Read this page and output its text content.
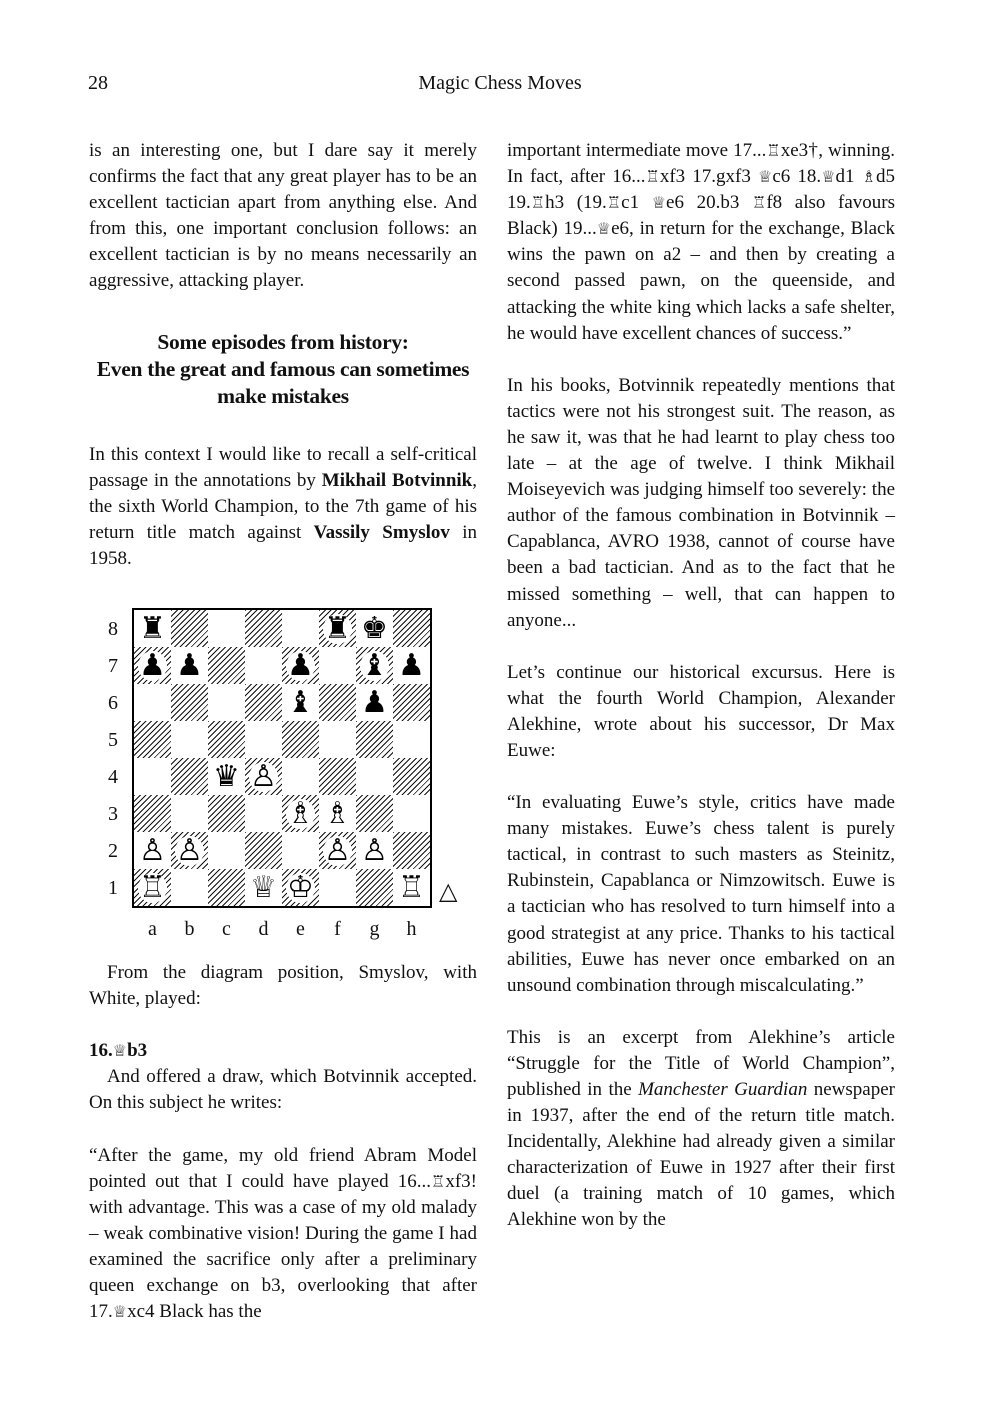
28	Magic Chess Moves

is an interesting one, but I dare say it merely confirms the fact that any great player has to be an excellent tactician apart from anything else. And from this, one important conclusion follows: an excellent tactician is by no means necessarily an aggressive, attacking player.

Some episodes from history:
Even the great and famous can sometimes
make mistakes

In this context I would like to recall a self-critical passage in the annotations by Mikhail Botvinnik, the sixth World Champion, to the 7th game of his return title match against Vassily Smyslov in 1958.

♜	♜ ♚
♟ ♟	♟ ♝ ♟
♝ ♟
♛ ♙
♗ ♗
♙ ♙	♙ ♙
♖	♕ ♔	♖
8
7
6
5
4
3
2
1
a	b	c	d	e	f	g	h
△

From the diagram position, Smyslov, with White, played:

16.♕b3

And offered a draw, which Botvinnik accepted. On this subject he writes:

“After the game, my old friend Abram Model pointed out that I could have played 16...♖xf3! with advantage. This was a case of my old malady – weak combinative vision! During the game I had examined the sacrifice only after a preliminary queen exchange on b3, overlooking that after 17.♕xc4 Black has the

important intermediate move 17...♖xe3†, winning. In fact, after 16...♖xf3 17.gxf3 ♕c6 18.♕d1 ♗d5 19.♖h3 (19.♖c1 ♕e6 20.b3 ♖f8 also favours Black) 19...♕e6, in return for the exchange, Black wins the pawn on a2 – and then by creating a second passed pawn, on the queenside, and attacking the white king which lacks a safe shelter, he would have excellent chances of success.”

In his books, Botvinnik repeatedly mentions that tactics were not his strongest suit. The reason, as he saw it, was that he had learnt to play chess too late – at the age of twelve. I think Mikhail Moiseyevich was judging himself too severely: the author of the famous combination in Botvinnik – Capablanca, AVRO 1938, cannot of course have been a bad tactician. And as to the fact that he missed something – well, that can happen to anyone...

Let’s continue our historical excursus. Here is what the fourth World Champion, Alexander Alekhine, wrote about his successor, Dr Max Euwe:

“In evaluating Euwe’s style, critics have made many mistakes. Euwe’s chess talent is purely tactical, in contrast to such masters as Steinitz, Rubinstein, Capablanca or Nimzowitsch. Euwe is a tactician who has resolved to turn himself into a good strategist at any price. Thanks to his tactical abilities, Euwe has never once embarked on an unsound combination through miscalculating.”

This is an excerpt from Alekhine’s article “Struggle for the Title of World Champion”, published in the Manchester Guardian newspaper in 1937, after the end of the return title match. Incidentally, Alekhine had already given a similar characterization of Euwe in 1927 after their first duel (a training match of 10 games, which Alekhine won by the
